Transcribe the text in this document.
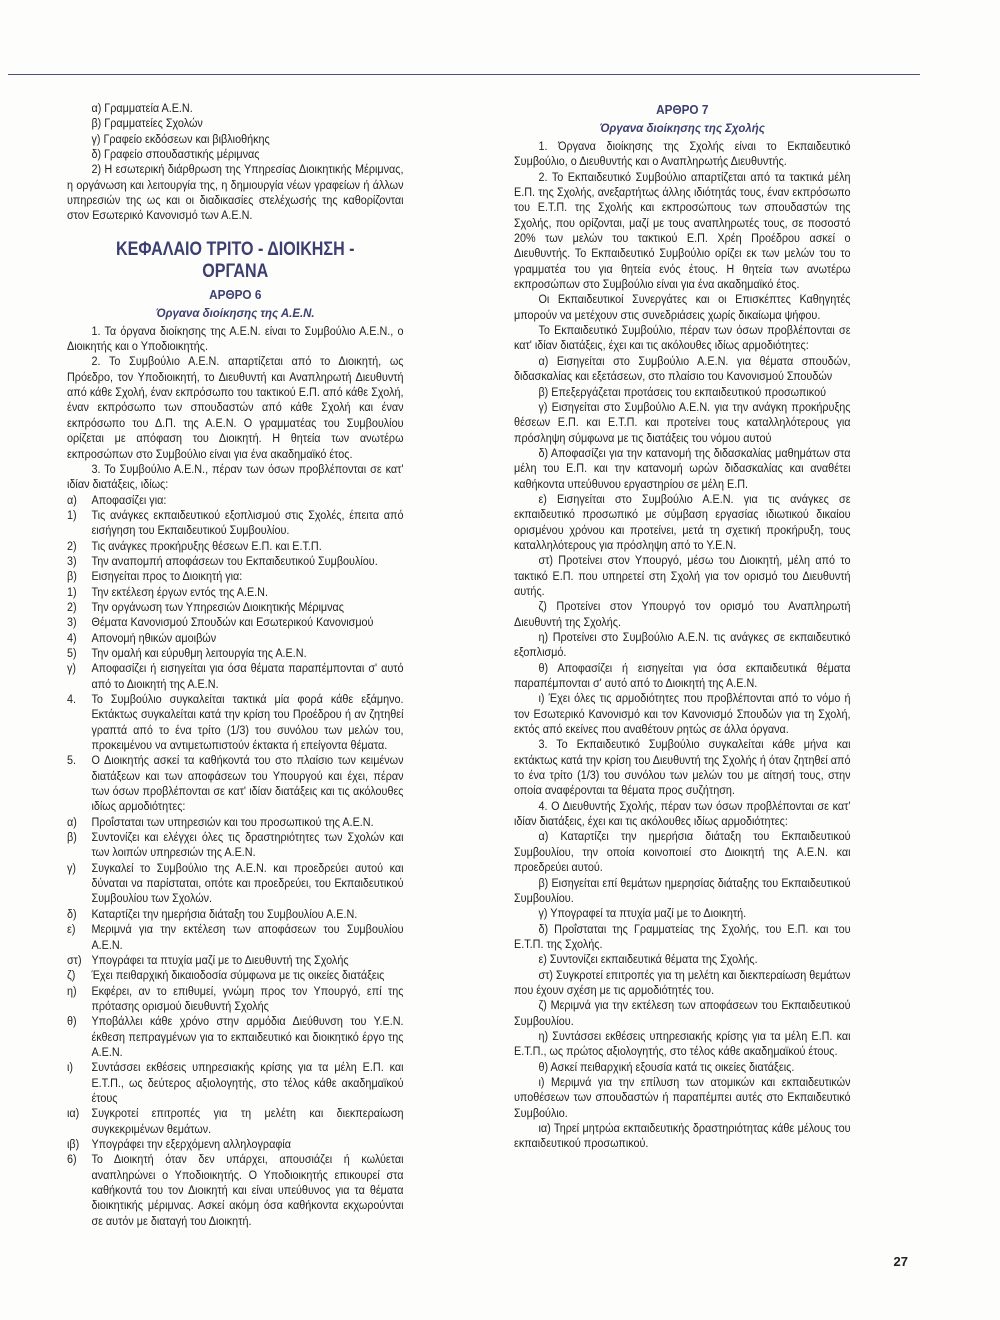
α) Γραμματεία Α.Ε.Ν.

β) Γραμματείες Σχολών

γ) Γραφείο εκδόσεων και βιβλιοθήκης

δ) Γραφείο σπουδαστικής μέριμνας

2) Η εσωτερική διάρθρωση της Υπηρεσίας Διοικητικής Μέριμνας, η οργάνωση και λειτουργία της, η δημιουργία νέων γραφείων ή άλλων υπηρεσιών της ως και οι διαδικασίες στελέχωσής της καθορίζονται στον Εσωτερικό Κανονισμό των Α.Ε.Ν.

ΚΕΦΑΛΑΙΟ ΤΡΙΤΟ - ΔΙΟΙΚΗΣΗ - ΟΡΓΑΝΑ
ΑΡΘΡΟ 6
Όργανα διοίκησης της Α.Ε.Ν.

1. Τα όργανα διοίκησης της Α.Ε.Ν. είναι το Συμβούλιο Α.Ε.Ν., ο Διοικητής και ο Υποδιοικητής.

2. Το Συμβούλιο Α.Ε.Ν. απαρτίζεται από το Διοικητή, ως Πρόεδρο, τον Υποδιοικητή, το Διευθυντή και Αναπληρωτή Διευθυντή από κάθε Σχολή, έναν εκπρόσωπο του τακτικού Ε.Π. από κάθε Σχολή, έναν εκπρόσωπο των σπουδαστών από κάθε Σχολή και έναν εκπρόσωπο του Δ.Π. της Α.Ε.Ν. Ο γραμματέας του Συμβουλίου ορίζεται με απόφαση του Διοικητή. Η θητεία των ανωτέρω εκπροσώπων στο Συμβούλιο είναι για ένα ακαδημαϊκό έτος.

3. Το Συμβούλιο Α.Ε.Ν., πέραν των όσων προβλέπονται σε κατ' ιδίαν διατάξεις, ιδίως:

α)	Αποφασίζει για:
1)	Τις ανάγκες εκπαιδευτικού εξοπλισμού στις Σχολές, έπειτα από εισήγηση του Εκπαιδευτικού Συμβουλίου.
2)	Τις ανάγκες προκήρυξης θέσεων Ε.Π. και Ε.Τ.Π.
3)	Την αναπομπή αποφάσεων του Εκπαιδευτικού Συμβουλίου.
β)	Εισηγείται προς το Διοικητή για:
1)	Την εκτέλεση έργων εντός της Α.Ε.Ν.
2)	Την οργάνωση των Υπηρεσιών Διοικητικής Μέριμνας
3)	Θέματα Κανονισμού Σπουδών και Εσωτερικού Κανονισμού
4)	Απονομή ηθικών αμοιβών
5)	Την ομαλή και εύρυθμη λειτουργία της Α.Ε.Ν.
γ)	Αποφασίζει ή εισηγείται για όσα θέματα παραπέμπονται σ' αυτό από το Διοικητή της Α.Ε.Ν.
4.	Το Συμβούλιο συγκαλείται τακτικά μία φορά κάθε εξάμηνο. Εκτάκτως συγκαλείται κατά την κρίση του Προέδρου ή αν ζητηθεί γραπτά από το ένα τρίτο (1/3) του συνόλου των μελών του, προκειμένου να αντιμετωπιστούν έκτακτα ή επείγοντα θέματα.
5.	Ο Διοικητής ασκεί τα καθήκοντά του στο πλαίσιο των κειμένων διατάξεων και των αποφάσεων του Υπουργού και έχει, πέραν των όσων προβλέπονται σε κατ' ιδίαν διατάξεις και τις ακόλουθες ιδίως αρμοδιότητες:
α)	Προΐσταται των υπηρεσιών και του προσωπικού της Α.Ε.Ν.
β)	Συντονίζει και ελέγχει όλες τις δραστηριότητες των Σχολών και των λοιπών υπηρεσιών της Α.Ε.Ν.
γ)	Συγκαλεί το Συμβούλιο της Α.Ε.Ν. και προεδρεύει αυτού και δύναται να παρίσταται, οπότε και προεδρεύει, του Εκπαιδευτικού Συμβουλίου των Σχολών.
δ)	Καταρτίζει την ημερήσια διάταξη του Συμβουλίου Α.Ε.Ν.
ε)	Μεριμνά για την εκτέλεση των αποφάσεων του Συμβουλίου Α.Ε.Ν.
στ) Υπογράφει τα πτυχία μαζί με το Διευθυντή της Σχολής
ζ)	Έχει πειθαρχική δικαιοδοσία σύμφωνα με τις οικείες διατάξεις
η)	Εκφέρει, αν το επιθυμεί, γνώμη προς τον Υπουργό, επί της πρότασης ορισμού διευθυντή Σχολής
θ)	Υποβάλλει κάθε χρόνο στην αρμόδια Διεύθυνση του Υ.Ε.Ν. έκθεση πεπραγμένων για το εκπαιδευτικό και διοικητικό έργο της Α.Ε.Ν.
ι)	Συντάσσει εκθέσεις υπηρεσιακής κρίσης για τα μέλη Ε.Π. και Ε.Τ.Π., ως δεύτερος αξιολογητής, στο τέλος κάθε ακαδημαϊκού έτους
ια)	Συγκροτεί επιτροπές για τη μελέτη και διεκπεραίωση συγκεκριμένων θεμάτων.
ιβ)	Υπογράφει την εξερχόμενη αλληλογραφία
6)	Το Διοικητή όταν δεν υπάρχει, απουσιάζει ή κωλύεται αναπληρώνει ο Υποδιοικητής. Ο Υποδιοικητής επικουρεί στα καθήκοντά του τον Διοικητή και είναι υπεύθυνος για τα θέματα διοικητικής μέριμνας. Ασκεί ακόμη όσα καθήκοντα εκχωρούνται σε αυτόν με διαταγή του Διοικητή.
ΑΡΘΡΟ 7
Όργανα διοίκησης της Σχολής

1. Όργανα διοίκησης της Σχολής είναι το Εκπαιδευτικό Συμβούλιο, ο Διευθυντής και ο Αναπληρωτής Διευθυντής.

2. Το Εκπαιδευτικό Συμβούλιο απαρτίζεται από τα τακτικά μέλη Ε.Π. της Σχολής, ανεξαρτήτως άλλης ιδιότητάς τους, έναν εκπρόσωπο του Ε.Τ.Π. της Σχολής και εκπροσώπους των σπουδαστών της Σχολής, που ορίζονται, μαζί με τους αναπληρωτές τους, σε ποσοστό 20% των μελών του τακτικού Ε.Π. Χρέη Προέδρου ασκεί ο Διευθυντής. Το Εκπαιδευτικό Συμβούλιο ορίζει εκ των μελών του το γραμματέα του για θητεία ενός έτους. Η θητεία των ανωτέρω εκπροσώπων στο Συμβούλιο είναι για ένα ακαδημαϊκό έτος.

Οι Εκπαιδευτικοί Συνεργάτες και οι Επισκέπτες Καθηγητές μπορούν να μετέχουν στις συνεδριάσεις χωρίς δικαίωμα ψήφου.

Το Εκπαιδευτικό Συμβούλιο, πέραν των όσων προβλέπονται σε κατ' ιδίαν διατάξεις, έχει και τις ακόλουθες ιδίως αρμοδιότητες:

α) Εισηγείται στο Συμβούλιο Α.Ε.Ν. για θέματα σπουδών, διδασκαλίας και εξετάσεων, στο πλαίσιο του Κανονισμού Σπουδών

β) Επεξεργάζεται προτάσεις του εκπαιδευτικού προσωπικού

γ) Εισηγείται στο Συμβούλιο Α.Ε.Ν. για την ανάγκη προκήρυξης θέσεων Ε.Π. και Ε.Τ.Π. και προτείνει τους καταλληλότερους για πρόσληψη σύμφωνα με τις διατάξεις του νόμου αυτού

δ) Αποφασίζει για την κατανομή της διδασκαλίας μαθημάτων στα μέλη του Ε.Π. και την κατανομή ωρών διδασκαλίας και αναθέτει καθήκοντα υπεύθυνου εργαστηρίου σε μέλη Ε.Π.

ε) Εισηγείται στο Συμβούλιο Α.Ε.Ν. για τις ανάγκες σε εκπαιδευτικό προσωπικό με σύμβαση εργασίας ιδιωτικού δικαίου ορισμένου χρόνου και προτείνει, μετά τη σχετική προκήρυξη, τους καταλληλότερους για πρόσληψη από το Υ.Ε.Ν.

στ) Προτείνει στον Υπουργό, μέσω του Διοικητή, μέλη από το τακτικό Ε.Π. που υπηρετεί στη Σχολή για τον ορισμό του Διευθυντή αυτής.

ζ) Προτείνει στον Υπουργό τον ορισμό του Αναπληρωτή Διευθυντή της Σχολής.

η) Προτείνει στο Συμβούλιο Α.Ε.Ν. τις ανάγκες σε εκπαιδευτικό εξοπλισμό.

θ) Αποφασίζει ή εισηγείται για όσα εκπαιδευτικά θέματα παραπέμπονται σ' αυτό από το Διοικητή της Α.Ε.Ν.

ι) Έχει όλες τις αρμοδιότητες που προβλέπονται από το νόμο ή τον Εσωτερικό Κανονισμό και τον Κανονισμό Σπουδών για τη Σχολή, εκτός από εκείνες που αναθέτουν ρητώς σε άλλα όργανα.

3. Το Εκπαιδευτικό Συμβούλιο συγκαλείται κάθε μήνα και εκτάκτως κατά την κρίση του Διευθυντή της Σχολής ή όταν ζητηθεί από το ένα τρίτο (1/3) του συνόλου των μελών του με αίτησή τους, στην οποία αναφέρονται τα θέματα προς συζήτηση.

4. Ο Διευθυντής Σχολής, πέραν των όσων προβλέπονται σε κατ' ιδίαν διατάξεις, έχει και τις ακόλουθες ιδίως αρμοδιότητες:

α) Καταρτίζει την ημερήσια διάταξη του Εκπαιδευτικού Συμβουλίου, την οποία κοινοποιεί στο Διοικητή της Α.Ε.Ν. και προεδρεύει αυτού.

β) Εισηγείται επί θεμάτων ημερησίας διάταξης του Εκπαιδευτικού Συμβουλίου.

γ) Υπογραφεί τα πτυχία μαζί με το Διοικητή.

δ) Προΐσταται της Γραμματείας της Σχολής, του Ε.Π. και του Ε.Τ.Π. της Σχολής.

ε) Συντονίζει εκπαιδευτικά θέματα της Σχολής.

στ) Συγκροτεί επιτροπές για τη μελέτη και διεκπεραίωση θεμάτων που έχουν σχέση με τις αρμοδιότητές του.

ζ) Μεριμνά για την εκτέλεση των αποφάσεων του Εκπαιδευτικού Συμβουλίου.

η) Συντάσσει εκθέσεις υπηρεσιακής κρίσης για τα μέλη Ε.Π. και Ε.Τ.Π., ως πρώτος αξιολογητής, στο τέλος κάθε ακαδημαϊκού έτους.

θ) Ασκεί πειθαρχική εξουσία κατά τις οικείες διατάξεις.

ι) Μεριμνά για την επίλυση των ατομικών και εκπαιδευτικών υποθέσεων των σπουδαστών ή παραπέμπει αυτές στο Εκπαιδευτικό Συμβούλιο.

ια) Τηρεί μητρώα εκπαιδευτικής δραστηριότητας κάθε μέλους του εκπαιδευτικού προσωπικού.

27
